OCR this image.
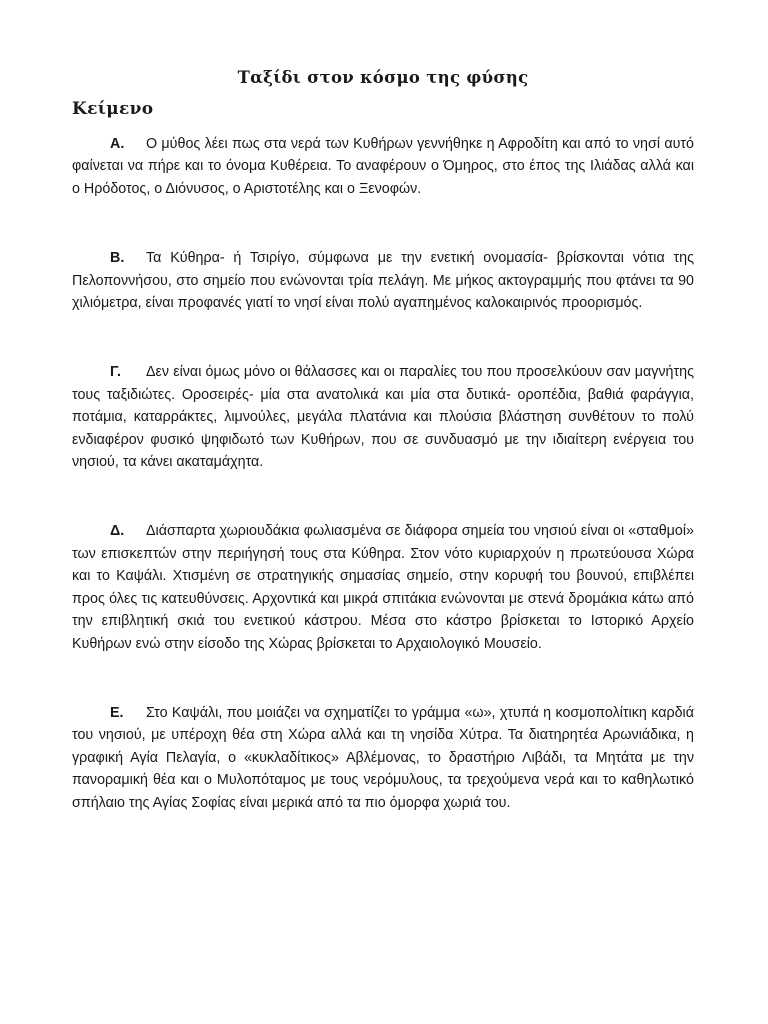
Ταξίδι στον κόσμο της φύσης
Κείμενο

Α. Ο μύθος λέει πως στα νερά των Κυθήρων γεννήθηκε η Αφροδίτη και από το νησί αυτό φαίνεται να πήρε και το όνομα Κυθέρεια. Το αναφέρουν ο Όμηρος, στο έπος της Ιλιάδας αλλά και ο Ηρόδοτος, ο Διόνυσος, ο Αριστοτέλης και ο Ξενοφών.

Β. Τα Κύθηρα- ή Τσιρίγο, σύμφωνα με την ενετική ονομασία- βρίσκονται νότια της Πελοποννήσου, στο σημείο που ενώνονται τρία πελάγη. Με μήκος ακτογραμμής που φτάνει τα 90 χιλιόμετρα, είναι προφανές γιατί το νησί είναι πολύ αγαπημένος καλοκαιρινός προορισμός.

Γ. Δεν είναι όμως μόνο οι θάλασσες και οι παραλίες του που προσελκύουν σαν μαγνήτης τους ταξιδιώτες. Οροσειρές- μία στα ανατολικά και μία στα δυτικά- οροπέδια, βαθιά φαράγγια, ποτάμια, καταρράκτες, λιμνούλες, μεγάλα πλατάνια και πλούσια βλάστηση συνθέτουν το πολύ ενδιαφέρον φυσικό ψηφιδωτό των Κυθήρων, που σε συνδυασμό με την ιδιαίτερη ενέργεια του νησιού, τα κάνει ακαταμάχητα.

Δ. Διάσπαρτα χωριουδάκια φωλιασμένα σε διάφορα σημεία του νησιού είναι οι «σταθμοί» των επισκεπτών στην περιήγησή τους στα Κύθηρα. Στον νότο κυριαρχούν η πρωτεύουσα Χώρα και το Καψάλι. Χτισμένη σε στρατηγικής σημασίας σημείο, στην κορυφή του βουνού, επιβλέπει προς όλες τις κατευθύνσεις. Αρχοντικά και μικρά σπιτάκια ενώνονται με στενά δρομάκια κάτω από την επιβλητική σκιά του ενετικού κάστρου. Μέσα στο κάστρο βρίσκεται το Ιστορικό Αρχείο Κυθήρων ενώ στην είσοδο της Χώρας βρίσκεται το Αρχαιολογικό Μουσείο.

Ε. Στο Καψάλι, που μοιάζει να σχηματίζει το γράμμα «ω», χτυπά η κοσμοπολίτικη καρδιά του νησιού, με υπέροχη θέα στη Χώρα αλλά και τη νησίδα Χύτρα. Τα διατηρητέα Αρωνιάδικα, η γραφική Αγία Πελαγία, ο «κυκλαδίτικος» Αβλέμονας, το δραστήριο Λιβάδι, τα Μητάτα με την πανοραμική θέα και ο Μυλοπόταμος με τους νερόμυλους, τα τρεχούμενα νερά και το καθηλωτικό σπήλαιο της Αγίας Σοφίας είναι μερικά από τα πιο όμορφα χωριά του.
